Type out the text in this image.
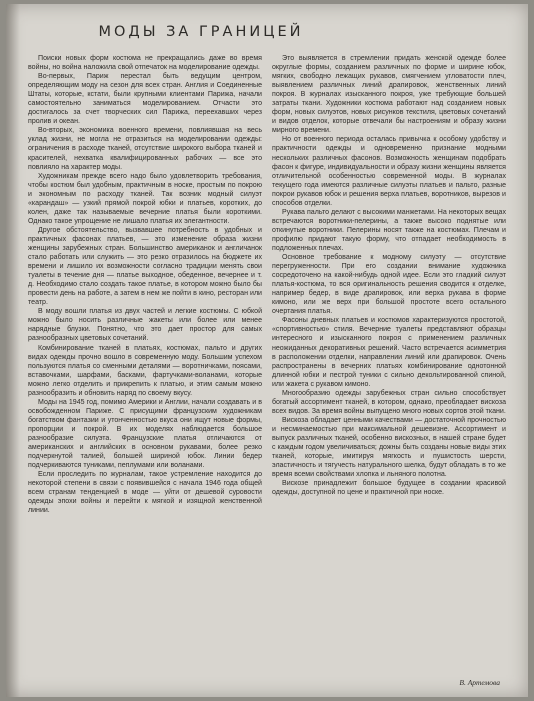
МОДЫ ЗА ГРАНИЦЕЙ

Поиски новых форм костюма не прекращались даже во время войны, но война наложила свой отпечаток на моделирование одежды.

Во-первых, Париж перестал быть ведущим центром, определяющим моду на сезон для всех стран. Англия и Соединенные Штаты, которые, кстати, были крупными клиентами Парижа, начали самостоятельно заниматься моделированием. Отчасти это достигалось за счет творческих сил Парижа, переехавших через пролив и океан.

Во-вторых, экономика военного времени, повлиявшая на весь уклад жизни, не могла не отразиться на моделировании одежды: ограничения в расходе тканей, отсутствие широкого выбора тканей и красителей, нехватка квалифицированных рабочих — все это повлияло на характер моды.

Художникам прежде всего надо было удовлетворить требования, чтобы костюм был удобным, практичным в носке, простым по покрою и экономным по расходу тканей. Так возник модный силуэт «карандаш» — узкий прямой покрой юбки и платьев, коротких, до колен, даже так называемые вечерние платья были короткими. Однако такое упрощение не лишало платья их элегантности.

Другое обстоятельство, вызвавшее потребность в удобных и практичных фасонах платьев, — это изменение образа жизни женщины зарубежных стран. Большинство американок и англичанок стало работать или служить — это резко отразилось на бюджете их времени и лишило их возможности согласно традиции менять свои туалеты в течение дня — платье выходное, обеденное, вечернее и т. д. Необходимо стало создать такое платье, в котором можно было бы провести день на работе, а затем в нем же пойти в кино, ресторан или театр.

В моду вошли платья из двух частей и легкие костюмы. С юбкой можно было носить различные жакеты или более или менее нарядные блузки. Понятно, что это дает простор для самых разнообразных цветовых сочетаний.

Комбинирование тканей в платьях, костюмах, пальто и других видах одежды прочно вошло в современную моду. Большим успехом пользуются платья со сменными деталями — воротничками, поясами, вставочками, шарфами, басками, фартучками-воланами, которые можно легко отделить и прикрепить к платью, и этим самым можно разнообразить и обновить наряд по своему вкусу.

Моды на 1945 год, помимо Америки и Англии, начали создавать и в освобожденном Париже. С присущими французским художникам богатством фантазии и утонченностью вкуса они ищут новые формы, пропорции и покрой. В их моделях наблюдается большое разнообразие силуэта. Французские платья отличаются от американских и английских в основном рукавами, более резко подчеркнутой талией, большей шириной юбок. Линии бедер подчеркиваются туниками, пеплумами или воланами.

Если проследить по журналам, такое устремление находится до некоторой степени в связи с появившейся с начала 1946 года общей всем странам тенденцией в моде — уйти от дешевой суровости одежды эпохи войны и перейти к мягкой и изящной женственной линии.

Это выявляется в стремлении придать женской одежде более округлые формы, созданием различных по форме и ширине юбок, мягких, свободно лежащих рукавов, смягчением угловатости плеч, выявлением различных линий драпировок, женственных линий покроя. В журналах изысканного покроя, уже требующие большей затраты ткани. Художники костюма работают над созданием новых форм, новых силуэтов, новых рисунков текстиля, цветовых сочетаний и видов отделок, которые отвечали бы настроениям и образу жизни мирного времени.

Но от военного периода осталась привычка к особому удобству и практичности одежды и одновременно признание модными нескольких различных фасонов. Возможность женщинам подобрать фасон к фигуре, индивидуальности и образу жизни женщины является отличительной особенностью современной моды. В журналах текущего года имеются различные силуэты платьев и пальто, разные покрои рукавов юбок и решения верха платьев, воротников, вырезов и способов отделки.

Рукава пальто делают с высокими манжетами. На некоторых вещах встречаются воротники-пелерины, а также высоко поднятые или откинутые воротники. Пелерины носят также на костюмах. Плечам и профилю придают такую форму, что отпадает необходимость в подложенных плечах.

Основное требование к модному силуэту — отсутствие перегруженности. При его создании внимание художника сосредоточено на какой-нибудь одной идее. Если это гладкий силуэт платья-костюма, то вся оригинальность решения сводится к отделке, например бедер, в виде драпировок, или верха рукава в форме кимоно, или же верх при большой простоте всего остального очертания платья.

Фасоны дневных платьев и костюмов характеризуются простотой, «спортивностью» стиля. Вечерние туалеты представляют образцы интересного и изысканного покроя с применением различных неожиданных декоративных решений. Часто встречается асимметрия в расположении отделки, направлении линий или драпировок. Очень распространены в вечерних платьях комбинирование однотонной длинной юбки и пестрой туники с сильно декольтированной спиной, или жакета с рукавом кимоно.

Многообразию одежды зарубежных стран сильно способствует богатый ассортимент тканей, в котором, однако, преобладает вискоза всех видов. За время войны выпущено много новых сортов этой ткани.

Вискоза обладает ценными качествами — достаточной прочностью и несминаемостью при максимальной дешевизне. Ассортимент и выпуск различных тканей, особенно вискозных, в нашей стране будет с каждым годом увеличиваться; дожны быть созданы новые виды этих тканей, которые, имитируя мягкость и пушистость шерсти, эластичность и тягучесть натурального шелка, будут обладать в то же время всеми свойствами хлопка и льняного полотна.

Вискозе принадлежит большое будущее в создании красивой одежды, доступной по цене и практичной при носке.

В. Артемова
